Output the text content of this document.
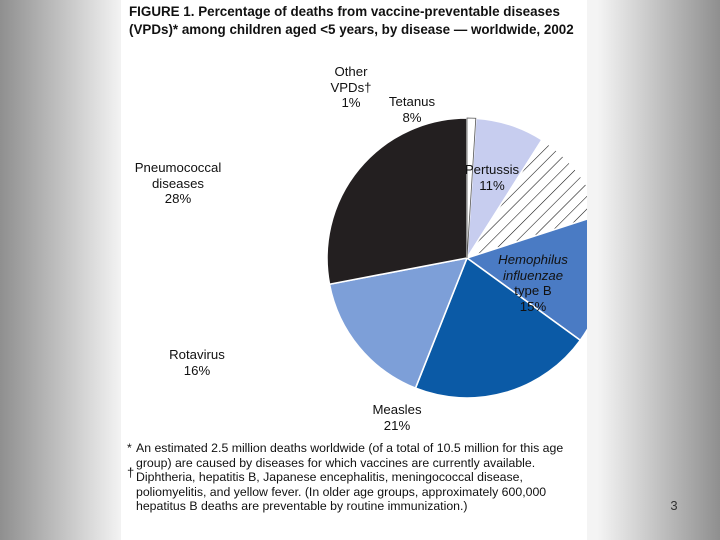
FIGURE 1. Percentage of deaths from vaccine-preventable diseases (VPDs)* among children aged <5 years, by disease — worldwide, 2002

Other
VPDs†
1%	Tetanus
8%
Pertussis
11%
Hemophilus
influenzae
type B
15%
Measles
21%
Rotavirus
16%
Pneumococcal
diseases
28%

* An estimated 2.5 million deaths worldwide (of a total of 10.5 million for this age group) are caused by diseases for which vaccines are currently available.

† Diphtheria, hepatitis B, Japanese encephalitis, meningococcal disease, poliomyelitis, and yellow fever. (In older age groups, approximately 600,000 hepatitus B deaths are preventable by routine immunization.)	3
